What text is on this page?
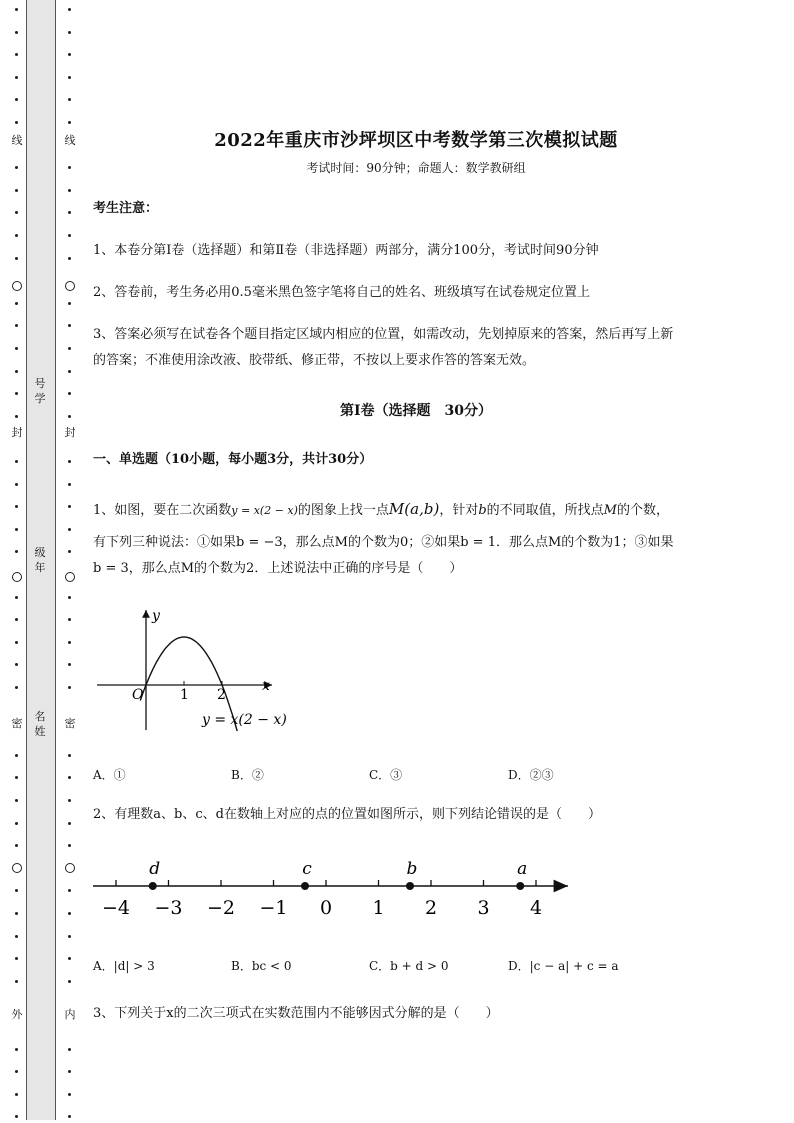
线
封
密
外
线
封
密
内
号学
级年
名姓
2022年重庆市沙坪坝区中考数学第三次模拟试题
考试时间：90分钟；命题人：数学教研组
考生注意：
1、本卷分第Ⅰ卷（选择题）和第Ⅱ卷（非选择题）两部分，满分100分，考试时间90分钟
2、答卷前，考生务必用0.5毫米黑色签字笔将自己的姓名、班级填写在试卷规定位置上
3、答案必须写在试卷各个题目指定区域内相应的位置，如需改动，先划掉原来的答案，然后再写上新
的答案；不准使用涂改液、胶带纸、修正带，不按以上要求作答的答案无效。
第Ⅰ卷（选择题　30分）
一、单选题（10小题，每小题3分，共计30分）
1、如图，要在二次函数y = x(2 − x)的图象上找一点M(a,b)，针对b的不同取值，所找点M的个数，
有下列三种说法：①如果b = −3，那么点M的个数为0；②如果b = 1．那么点M的个数为1；③如果
b = 3，那么点M的个数为2．上述说法中正确的序号是（　　）
y
x
O	1 2
y = x(2 − x)
A．①	B．②	C．③	D．②③
2、有理数a、b、c、d在数轴上对应的点的位置如图所示，则下列结论错误的是（　　）
−4 −3 −2 −1 0 1 2 3 4
d	c	b	a
A．|d| > 3	B．bc < 0	C．b + d > 0	D．|c − a| + c = a
3、下列关于x的二次三项式在实数范围内不能够因式分解的是（　　）
